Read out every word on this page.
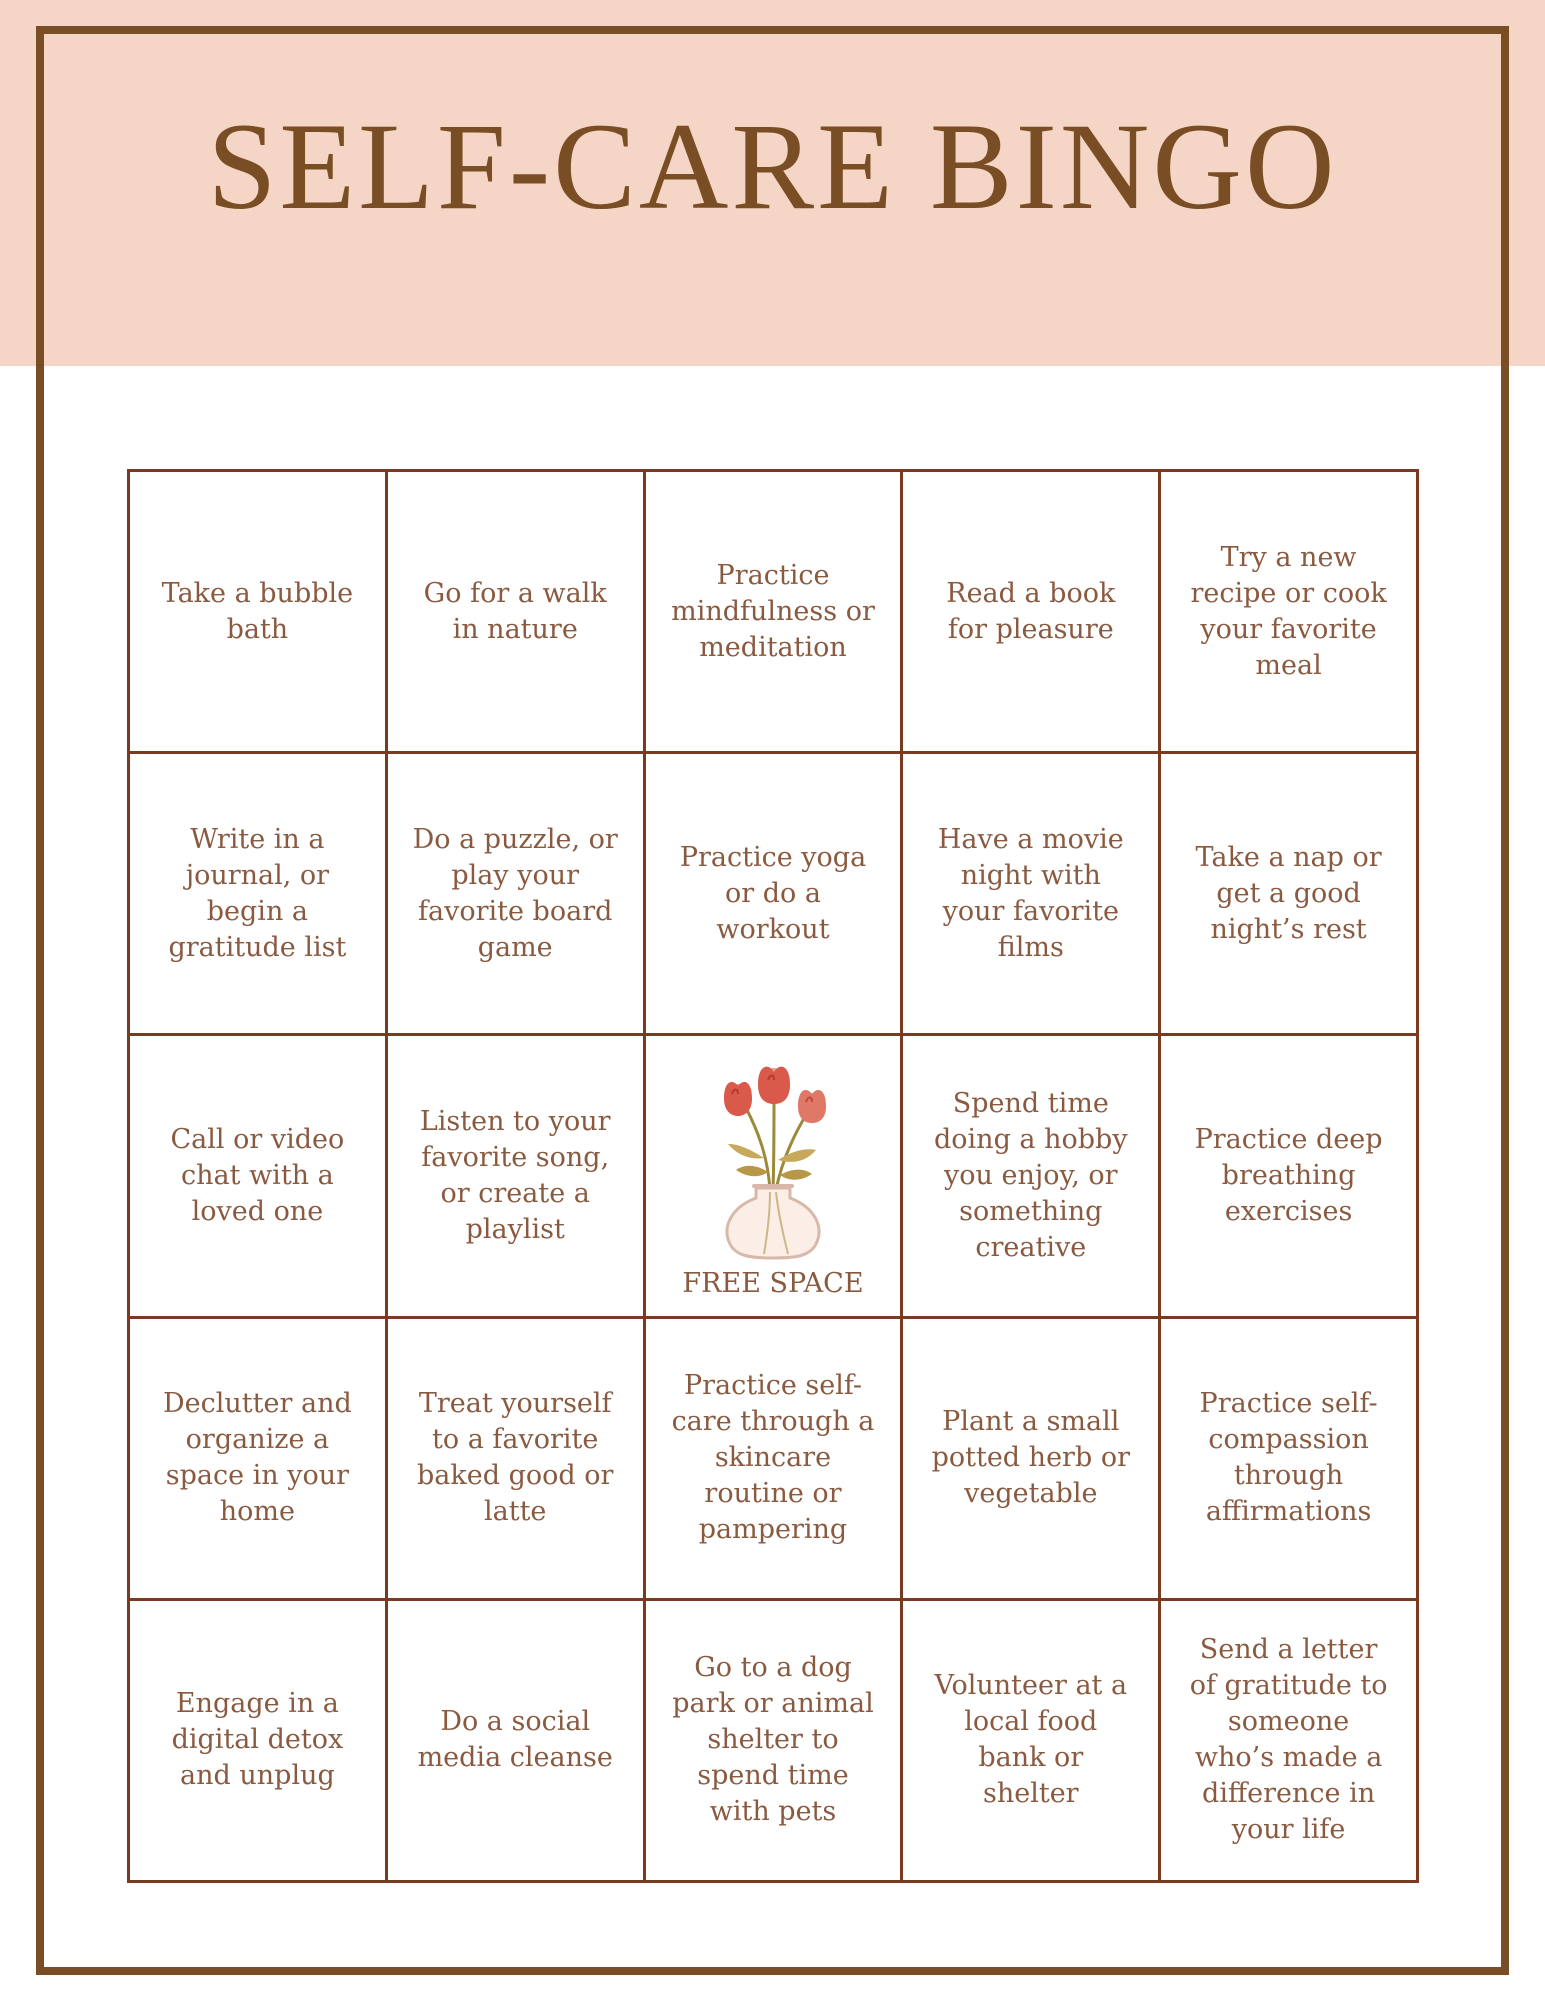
SELF-CARE BINGO
Take a bubble bath
Go for a walk in nature
Practice mindfulness or meditation
Read a book for pleasure
Try a new recipe or cook your favorite meal
Write in a journal, or begin a gratitude list
Do a puzzle, or play your favorite board game
Practice yoga or do a workout
Have a movie night with your favorite films
Take a nap or get a good night’s rest
Call or video chat with a loved one
Listen to your favorite song, or create a playlist
FREE SPACE
Spend time doing a hobby you enjoy, or something creative
Practice deep breathing exercises
Declutter and organize a space in your home
Treat yourself to a favorite baked good or latte
Practice self-care through a skincare routine or pampering
Plant a small potted herb or vegetable
Practice self-compassion through affirmations
Engage in a digital detox and unplug
Do a social media cleanse
Go to a dog park or animal shelter to spend time with pets
Volunteer at a local food bank or shelter
Send a letter of gratitude to someone who’s made a difference in your life
